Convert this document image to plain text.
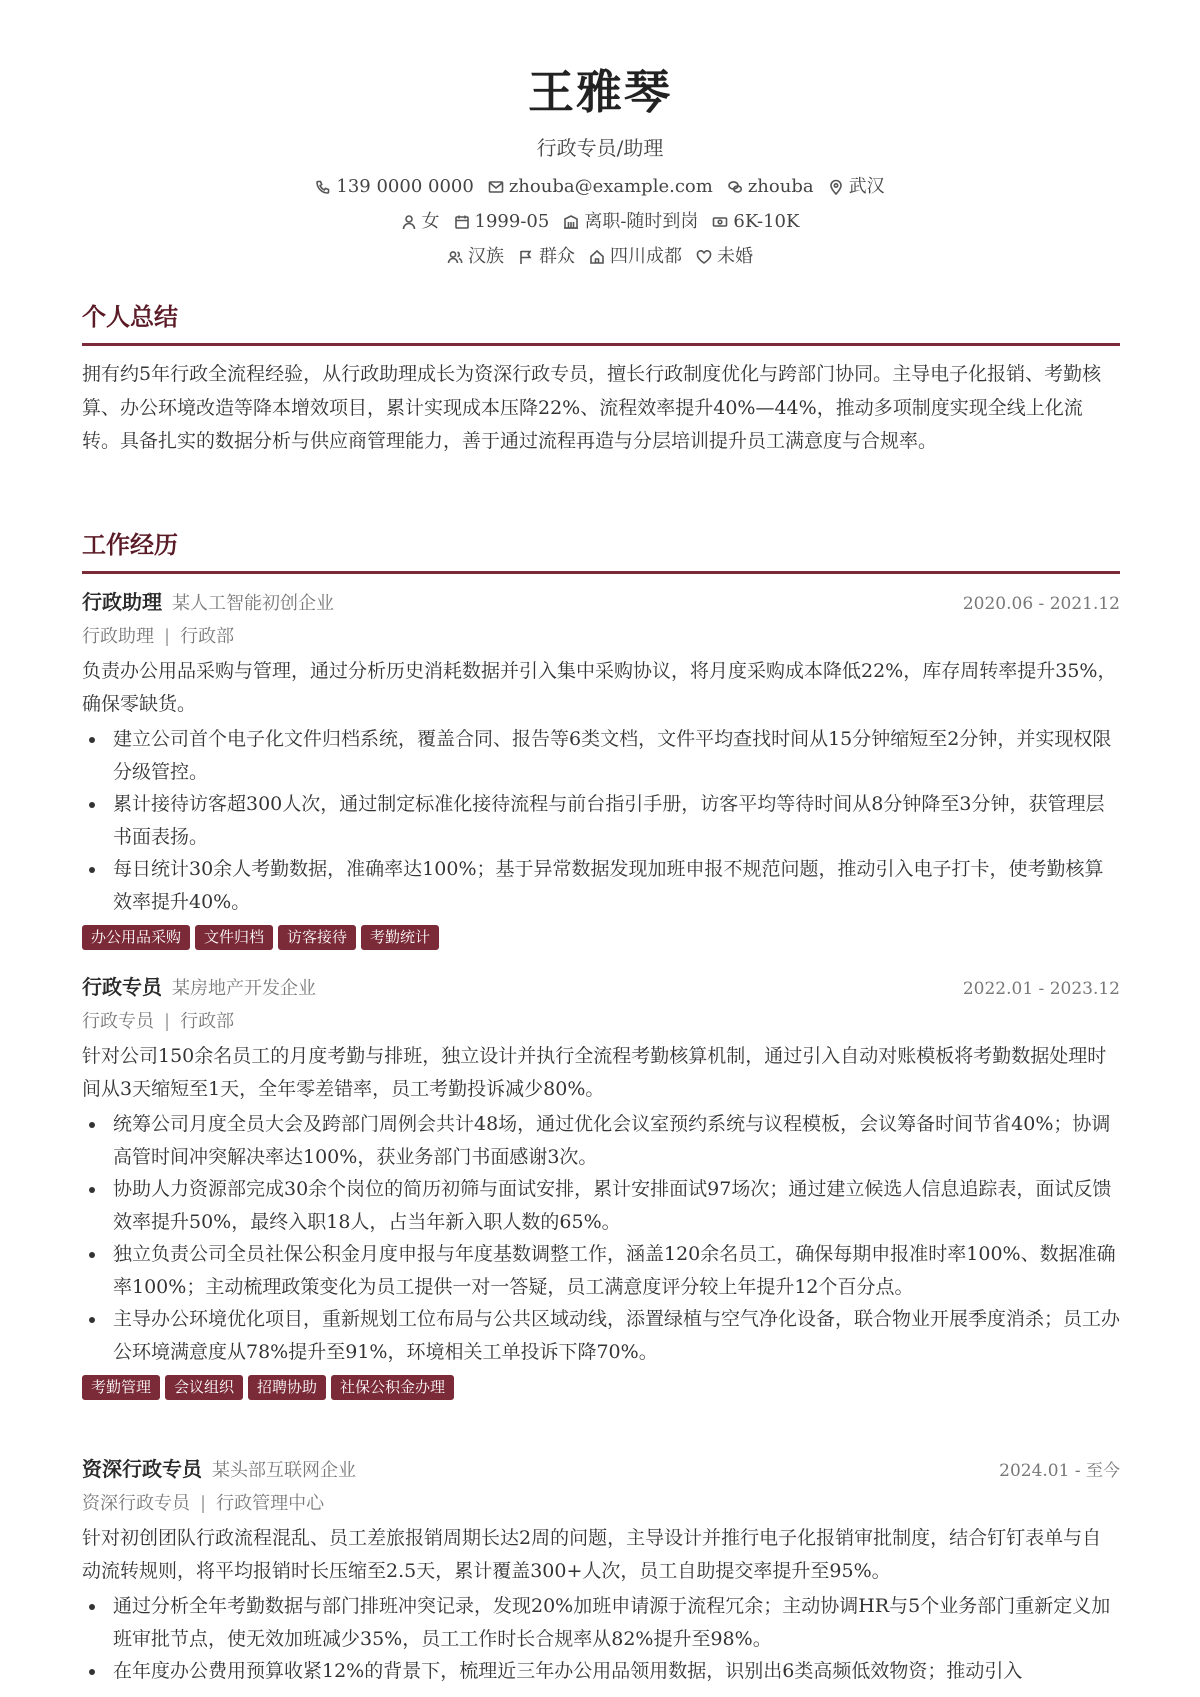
王雅琴
行政专员/助理
139 0000 0000 zhouba@example.com zhouba 武汉
女 1999-05 离职-随时到岗 6K-10K
汉族 群众 四川成都 未婚
个人总结
拥有约5年行政全流程经验，从行政助理成长为资深行政专员，擅长行政制度优化与跨部门协同。主导电子化报销、考勤核算、办公环境改造等降本增效项目，累计实现成本压降22%、流程效率提升40%—44%，推动多项制度实现全线上化流转。具备扎实的数据分析与供应商管理能力，善于通过流程再造与分层培训提升员工满意度与合规率。
工作经历
行政助理 某人工智能初创企业	2020.06 - 2021.12
行政助理 | 行政部
负责办公用品采购与管理，通过分析历史消耗数据并引入集中采购协议，将月度采购成本降低22%，库存周转率提升35%，确保零缺货。
建立公司首个电子化文件归档系统，覆盖合同、报告等6类文档，文件平均查找时间从15分钟缩短至2分钟，并实现权限分级管控。
累计接待访客超300人次，通过制定标准化接待流程与前台指引手册，访客平均等待时间从8分钟降至3分钟，获管理层书面表扬。
每日统计30余人考勤数据，准确率达100%；基于异常数据发现加班申报不规范问题，推动引入电子打卡，使考勤核算效率提升40%。
办公用品采购	文件归档	访客接待	考勤统计
行政专员 某房地产开发企业	2022.01 - 2023.12
行政专员 | 行政部
针对公司150余名员工的月度考勤与排班，独立设计并执行全流程考勤核算机制，通过引入自动对账模板将考勤数据处理时间从3天缩短至1天，全年零差错率，员工考勤投诉减少80%。
统筹公司月度全员大会及跨部门周例会共计48场，通过优化会议室预约系统与议程模板，会议筹备时间节省40%；协调高管时间冲突解决率达100%，获业务部门书面感谢3次。
协助人力资源部完成30余个岗位的简历初筛与面试安排，累计安排面试97场次；通过建立候选人信息追踪表，面试反馈效率提升50%，最终入职18人，占当年新入职人数的65%。
独立负责公司全员社保公积金月度申报与年度基数调整工作，涵盖120余名员工，确保每期申报准时率100%、数据准确率100%；主动梳理政策变化为员工提供一对一答疑，员工满意度评分较上年提升12个百分点。
主导办公环境优化项目，重新规划工位布局与公共区域动线，添置绿植与空气净化设备，联合物业开展季度消杀；员工办公环境满意度从78%提升至91%，环境相关工单投诉下降70%。
考勤管理	会议组织	招聘协助	社保公积金办理
资深行政专员 某头部互联网企业	2024.01 - 至今
资深行政专员 | 行政管理中心
针对初创团队行政流程混乱、员工差旅报销周期长达2周的问题，主导设计并推行电子化报销审批制度，结合钉钉表单与自动流转规则，将平均报销时长压缩至2.5天，累计覆盖300+人次，员工自助提交率提升至95%。
通过分析全年考勤数据与部门排班冲突记录，发现20%加班申请源于流程冗余；主动协调HR与5个业务部门重新定义加班审批节点，使无效加班减少35%，员工工作时长合规率从82%提升至98%。
在年度办公费用预算收紧12%的背景下，梳理近三年办公用品领用数据，识别出6类高频低效物资；推动引入
